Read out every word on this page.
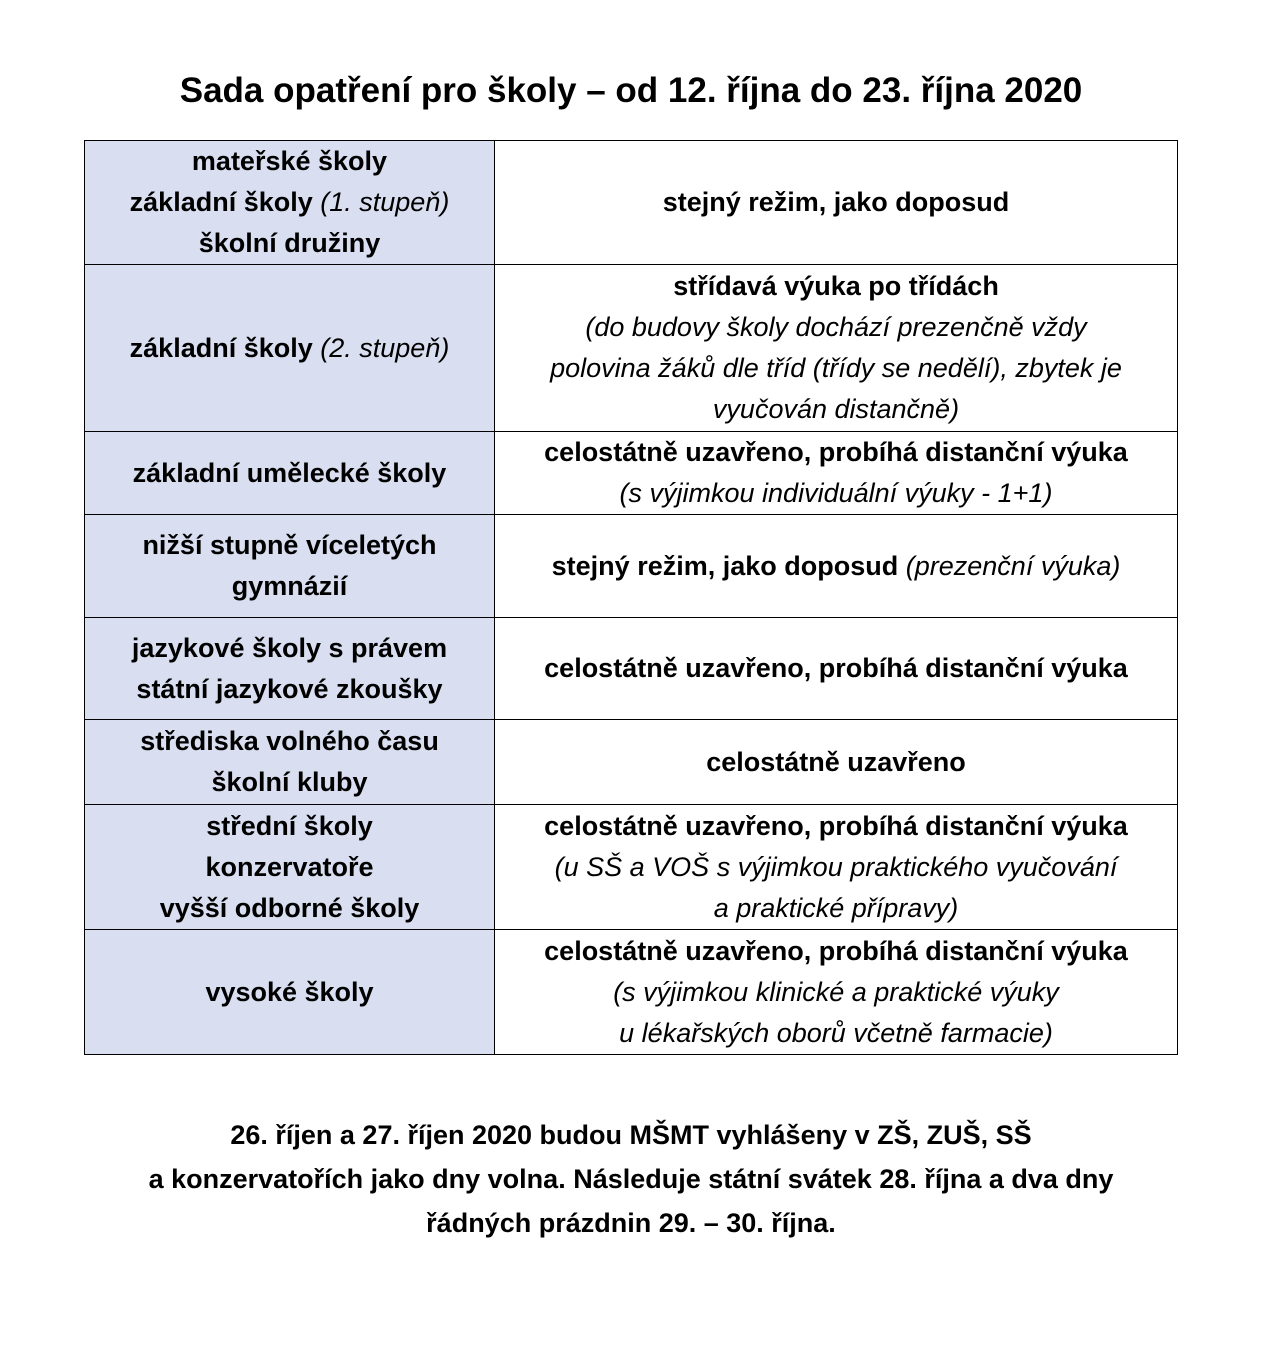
Sada opatření pro školy – od 12. října do 23. října 2020
mateřské školy
základní školy (1. stupeň)
školní družiny	stejný režim, jako doposud

základní školy (2. stupeň)	střídavá výuka po třídách
(do budovy školy dochází prezenčně vždy
polovina žáků dle tříd (třídy se nedělí), zbytek je
vyučován distančně)

základní umělecké školy	celostátně uzavřeno, probíhá distanční výuka
(s výjimkou individuální výuky - 1+1)

nižší stupně víceletých
gymnázií	stejný režim, jako doposud (prezenční výuka)

jazykové školy s právem
státní jazykové zkoušky	celostátně uzavřeno, probíhá distanční výuka

střediska volného času
školní kluby	celostátně uzavřeno

střední školy
konzervatoře
vyšší odborné školy	celostátně uzavřeno, probíhá distanční výuka
(u SŠ a VOŠ s výjimkou praktického vyučování
a praktické přípravy)

vysoké školy	celostátně uzavřeno, probíhá distanční výuka
(s výjimkou klinické a praktické výuky
u lékařských oborů včetně farmacie)
26. říjen a 27. říjen 2020 budou MŠMT vyhlášeny v ZŠ, ZUŠ, SŠ
a konzervatořích jako dny volna. Následuje státní svátek 28. října a dva dny
řádných prázdnin 29. – 30. října.
